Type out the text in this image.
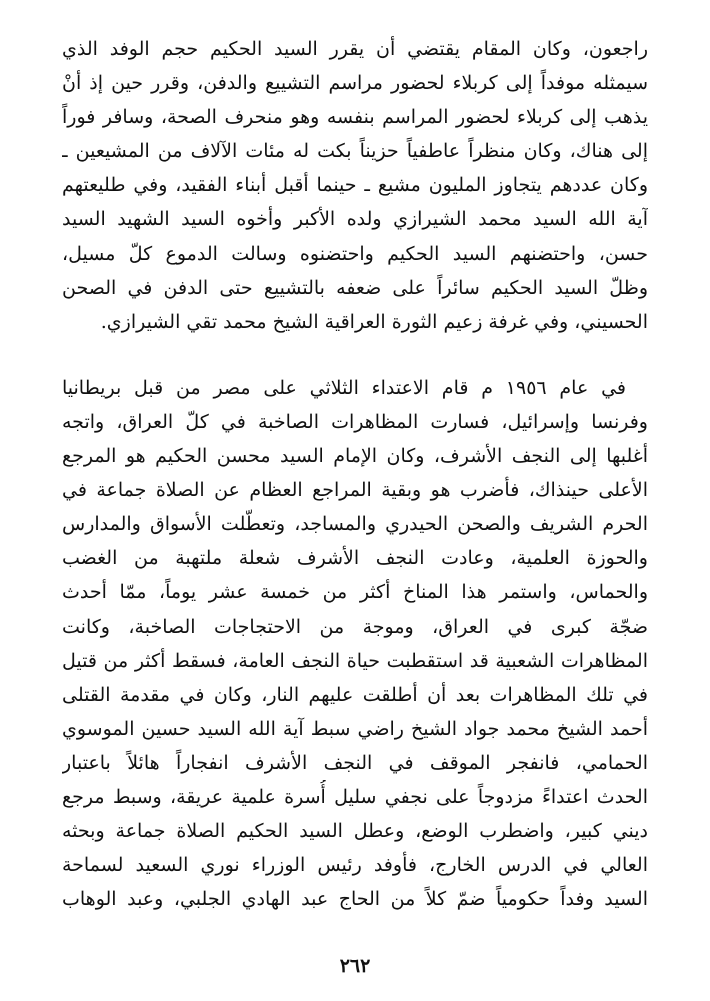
راجعون، وكان المقام يقتضي أن يقرر السيد الحكيم حجم الوفد الذي
سيمثله موفداً إلى كربلاء لحضور مراسم التشييع والدفن، وقرر حين إذ أنْ
يذهب إلى كربلاء لحضور المراسم بنفسه وهو منحرف الصحة، وسافر فوراً
إلى هناك، وكان منظراً عاطفياً حزيناً بكت له مئات الآلاف من المشيعين ـ
وكان عددهم يتجاوز المليون مشيع ـ حينما أقبل أبناء الفقيد، وفي طليعتهم
آية الله السيد محمد الشيرازي ولده الأكبر وأخوه السيد الشهيد السيد
حسن، واحتضنهم السيد الحكيم واحتضنوه وسالت الدموع كلّ مسيل،
وظلّ السيد الحكيم سائراً على ضعفه بالتشييع حتى الدفن في الصحن
الحسيني، وفي غرفة زعيم الثورة العراقية الشيخ محمد تقي الشيرازي.
في عام ١٩٥٦ م قام الاعتداء الثلاثي على مصر من قبل بريطانيا
وفرنسا وإسرائيل، فسارت المظاهرات الصاخبة في كلّ العراق، واتجه
أغلبها إلى النجف الأشرف، وكان الإمام السيد محسن الحكيم هو المرجع
الأعلى حينذاك، فأضرب هو وبقية المراجع العظام عن الصلاة جماعة في
الحرم الشريف والصحن الحيدري والمساجد، وتعطّلت الأسواق والمدارس
والحوزة العلمية، وعادت النجف الأشرف شعلة ملتهبة من الغضب
والحماس، واستمر هذا المناخ أكثر من خمسة عشر يوماً، ممّا أحدث
ضجّة كبرى في العراق، وموجة من الاحتجاجات الصاخبة، وكانت
المظاهرات الشعبية قد استقطبت حياة النجف العامة، فسقط أكثر من قتيل
في تلك المظاهرات بعد أن أطلقت عليهم النار، وكان في مقدمة القتلى
أحمد الشيخ محمد جواد الشيخ راضي سبط آية الله السيد حسين الموسوي
الحمامي، فانفجر الموقف في النجف الأشرف انفجاراً هائلاً باعتبار
الحدث اعتداءً مزدوجاً على نجفي سليل أُسرة علمية عريقة، وسبط مرجع
ديني كبير، واضطرب الوضع، وعطل السيد الحكيم الصلاة جماعة وبحثه
العالي في الدرس الخارج، فأوفد رئيس الوزراء نوري السعيد لسماحة
السيد وفداً حكومياً ضمّ كلاً من الحاج عبد الهادي الجلبي، وعبد الوهاب
٢٦٢
